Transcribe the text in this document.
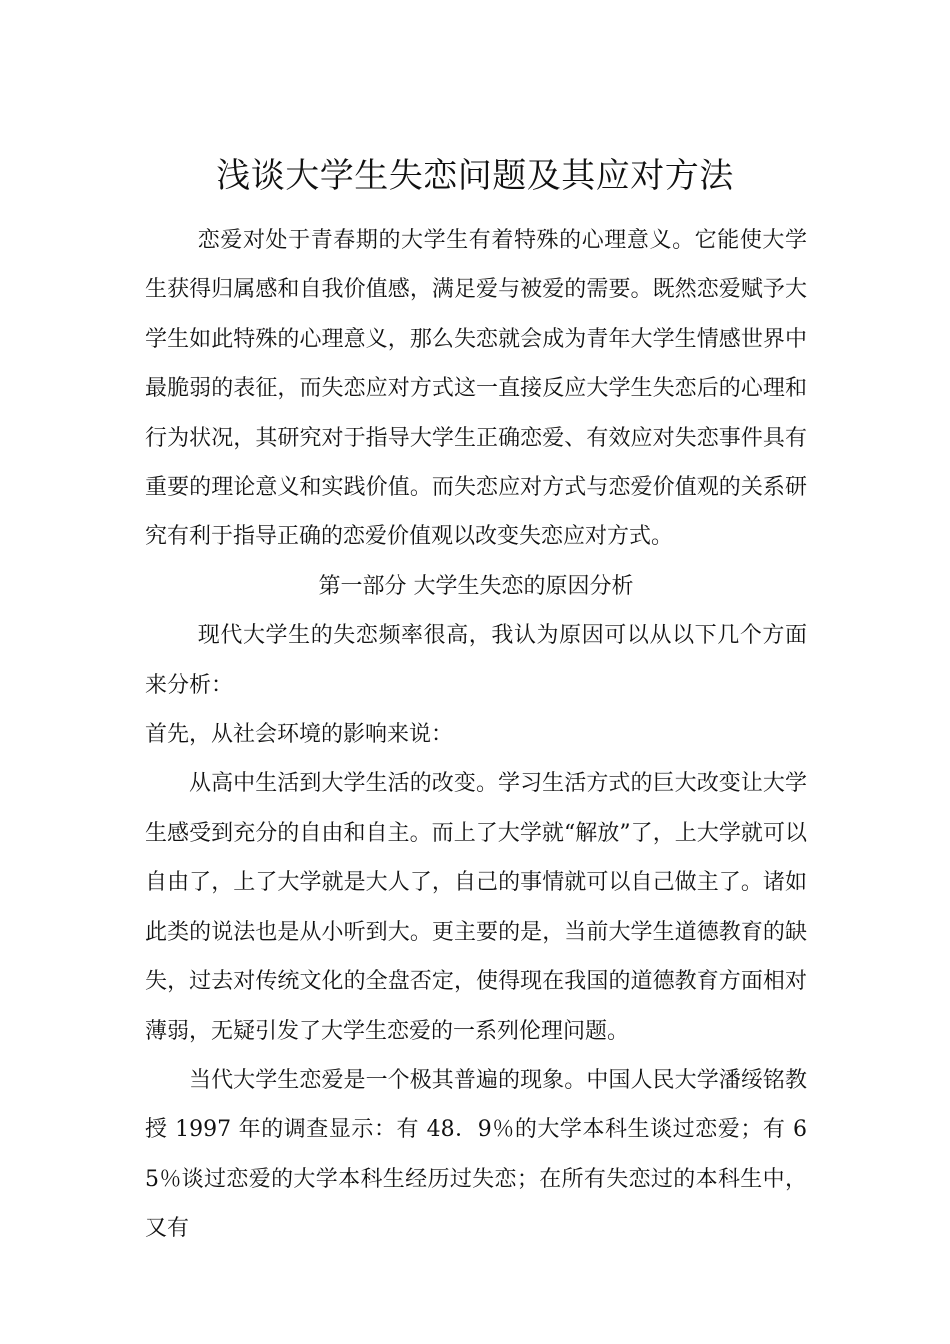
浅谈大学生失恋问题及其应对方法

恋爱对处于青春期的大学生有着特殊的心理意义。它能使大学生获得归属感和自我价值感，满足爱与被爱的需要。既然恋爱赋予大学生如此特殊的心理意义，那么失恋就会成为青年大学生情感世界中最脆弱的表征，而失恋应对方式这一直接反应大学生失恋后的心理和行为状况，其研究对于指导大学生正确恋爱、有效应对失恋事件具有重要的理论意义和实践价值。而失恋应对方式与恋爱价值观的关系研究有利于指导正确的恋爱价值观以改变失恋应对方式。

第一部分 大学生失恋的原因分析

现代大学生的失恋频率很高，我认为原因可以从以下几个方面来分析：

首先，从社会环境的影响来说：

从高中生活到大学生活的改变。学习生活方式的巨大改变让大学生感受到充分的自由和自主。而上了大学就“解放”了，上大学就可以自由了，上了大学就是大人了，自己的事情就可以自己做主了。诸如此类的说法也是从小听到大。更主要的是，当前大学生道德教育的缺失，过去对传统文化的全盘否定，使得现在我国的道德教育方面相对薄弱，无疑引发了大学生恋爱的一系列伦理问题。

当代大学生恋爱是一个极其普遍的现象。中国人民大学潘绥铭教授 1997 年的调查显示：有 48．9％的大学本科生谈过恋爱；有 65％谈过恋爱的大学本科生经历过失恋；在所有失恋过的本科生中，又有
